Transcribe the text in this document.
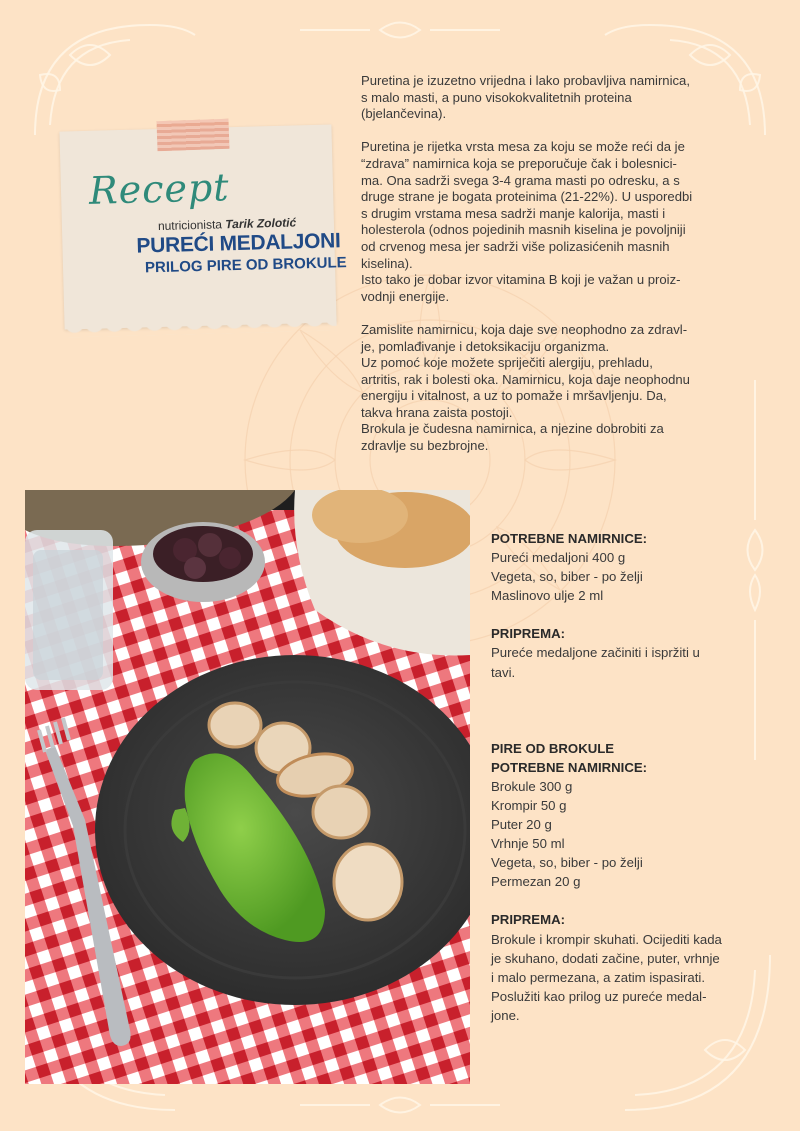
Recept
nutricionista Tarik Zolotić
PUREĆI MEDALJONI
PRILOG PIRE OD BROKULE

Puretina je izuzetno vrijedna i lako probavljiva namirnica,
s malo masti, a puno visokokvalitetnih proteina
(bjelančevina).

Puretina je rijetka vrsta mesa za koju se može reći da je
“zdrava” namirnica koja se preporučuje čak i bolesnici-
ma. Ona sadrži svega 3-4 grama masti po odresku, a s
druge strane je bogata proteinima (21-22%). U usporedbi
s drugim vrstama mesa sadrži manje kalorija, masti i
holesterola (odnos pojedinih masnih kiselina je povoljniji
od crvenog mesa jer sadrži više polizasićenih masnih
kiselina).
Isto tako je dobar izvor vitamina B koji je važan u proiz-
vodnji energije.

Zamislite namirnicu, koja daje sve neophodno za zdravl-
je, pomlađivanje i detoksikaciju organizma.
Uz pomoć koje možete spriječiti alergiju, prehladu,
artritis, rak i bolesti oka. Namirnicu, koja daje neophodnu
energiju i vitalnost, a uz to pomaže i mršavljenju. Da,
takva hrana zaista postoji.
Brokula je čudesna namirnica, a njezine dobrobiti za
zdravlje su bezbrojne.

POTREBNE NAMIRNICE:
Pureći medaljoni 400 g
Vegeta, so, biber - po želji
Maslinovo ulje 2 ml
PRIPREMA:
Pureće medaljone začiniti i ispržiti u
tavi.
PIRE OD BROKULE
POTREBNE NAMIRNICE:
Brokule 300 g
Krompir 50 g
Puter 20 g
Vrhnje 50 ml
Vegeta, so, biber - po želji
Permezan 20 g
PRIPREMA:
Brokule i krompir skuhati. Ocijediti kada
je skuhano, dodati začine, puter, vrhnje
i malo permezana, a zatim ispasirati.
Poslužiti kao prilog uz pureće medal-
jone.
